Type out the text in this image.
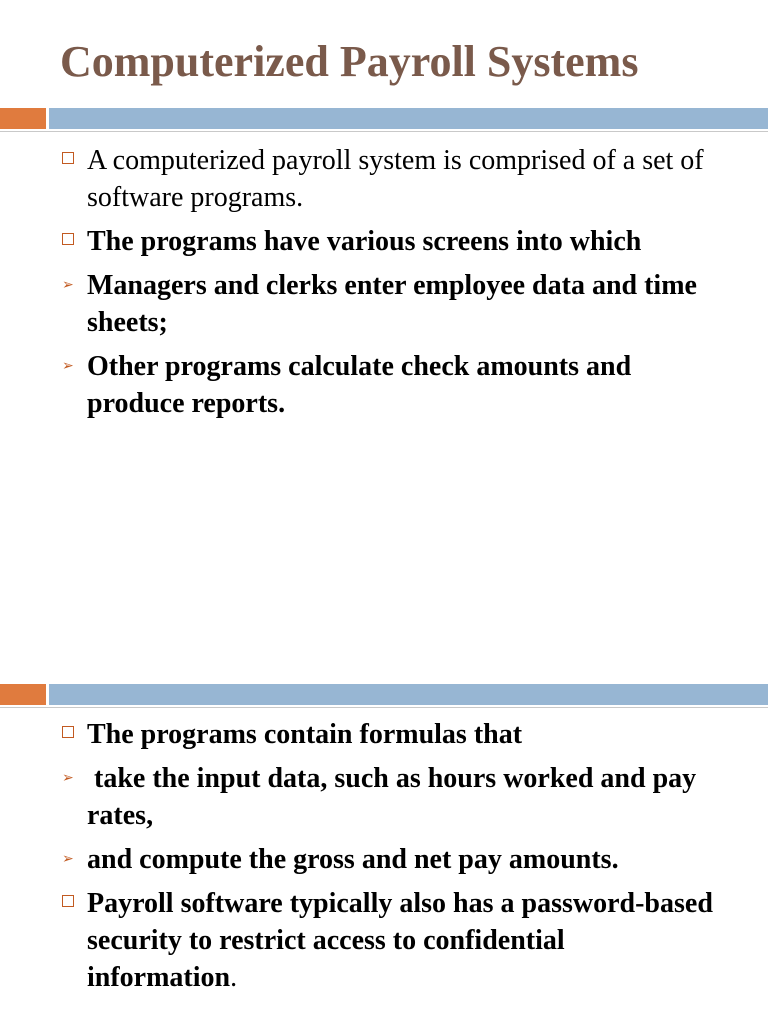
Computerized Payroll Systems
A computerized payroll system is comprised of a set of software programs.
The programs have various screens into which
➢ Managers and clerks enter employee data and time sheets;
➢ Other programs calculate check amounts and produce reports.
The programs contain formulas that
➢ take the input data, such as hours worked and pay rates,
➢ and compute the gross and net pay amounts.
Payroll software typically also has a password-based security to restrict access to confidential information.
